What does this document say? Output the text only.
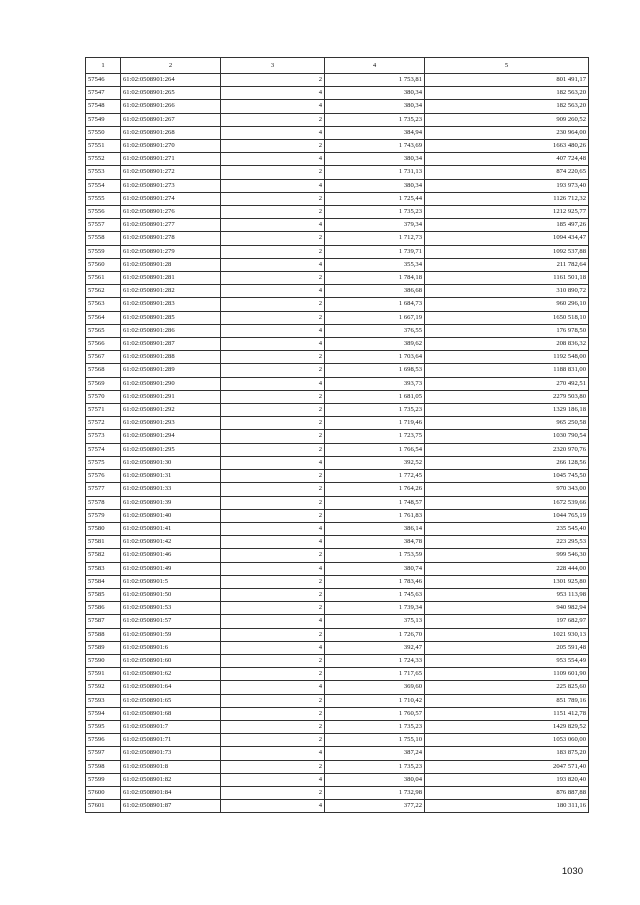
1	2	3	4	5
57546	61:02:0508901:264	2	1 753,81	801 491,17
57547	61:02:0508901:265	4	380,34	182 563,20
57548	61:02:0508901:266	4	380,34	182 563,20
57549	61:02:0508901:267	2	1 735,23	909 260,52
57550	61:02:0508901:268	4	384,94	230 964,00
57551	61:02:0508901:270	2	1 743,69	1663 480,26
57552	61:02:0508901:271	4	380,34	407 724,48
57553	61:02:0508901:272	2	1 731,13	874 220,65
57554	61:02:0508901:273	4	380,34	193 973,40
57555	61:02:0508901:274	2	1 725,44	1126 712,32
57556	61:02:0508901:276	2	1 735,23	1212 925,77
57557	61:02:0508901:277	4	379,34	185 497,26
57558	61:02:0508901:278	2	1 712,73	1094 434,47
57559	61:02:0508901:279	2	1 739,71	1092 537,88
57560	61:02:0508901:28	4	355,34	211 782,64
57561	61:02:0508901:281	2	1 784,18	1161 501,18
57562	61:02:0508901:282	4	386,68	310 890,72
57563	61:02:0508901:283	2	1 684,73	960 296,10
57564	61:02:0508901:285	2	1 667,19	1650 518,10
57565	61:02:0508901:286	4	376,55	176 978,50
57566	61:02:0508901:287	4	389,62	208 836,32
57567	61:02:0508901:288	2	1 703,64	1192 548,00
57568	61:02:0508901:289	2	1 698,53	1188 831,00
57569	61:02:0508901:290	4	393,73	270 492,51
57570	61:02:0508901:291	2	1 681,05	2279 503,80
57571	61:02:0508901:292	2	1 735,23	1329 186,18
57572	61:02:0508901:293	2	1 719,46	965 250,58
57573	61:02:0508901:294	2	1 723,75	1030 790,54
57574	61:02:0508901:295	2	1 766,54	2320 970,76
57575	61:02:0508901:30	4	392,52	266 128,56
57576	61:02:0508901:31	2	1 772,45	1045 745,50
57577	61:02:0508901:33	2	1 764,26	970 343,00
57578	61:02:0508901:39	2	1 748,57	1672 539,66
57579	61:02:0508901:40	2	1 761,83	1044 765,19
57580	61:02:0508901:41	4	386,14	235 545,40
57581	61:02:0508901:42	4	384,78	223 295,53
57582	61:02:0508901:46	2	1 753,59	999 546,30
57583	61:02:0508901:49	4	380,74	228 444,00
57584	61:02:0508901:5	2	1 783,46	1301 925,80
57585	61:02:0508901:50	2	1 745,63	953 113,98
57586	61:02:0508901:53	2	1 739,34	940 982,94
57587	61:02:0508901:57	4	375,13	197 682,97
57588	61:02:0508901:59	2	1 726,70	1021 930,13
57589	61:02:0508901:6	4	392,47	205 591,48
57590	61:02:0508901:60	2	1 724,33	953 554,49
57591	61:02:0508901:62	2	1 717,65	1109 601,90
57592	61:02:0508901:64	4	369,60	225 825,60
57593	61:02:0508901:65	2	1 710,42	851 789,16
57594	61:02:0508901:68	2	1 760,57	1151 412,78
57595	61:02:0508901:7	2	1 735,23	1429 829,52
57596	61:02:0508901:71	2	1 755,10	1053 060,00
57597	61:02:0508901:73	4	387,24	183 875,20
57598	61:02:0508901:8	2	1 735,23	2047 571,40
57599	61:02:0508901:82	4	380,04	193 820,40
57600	61:02:0508901:84	2	1 732,98	876 887,88
57601	61:02:0508901:87	4	377,22	180 311,16
1030
